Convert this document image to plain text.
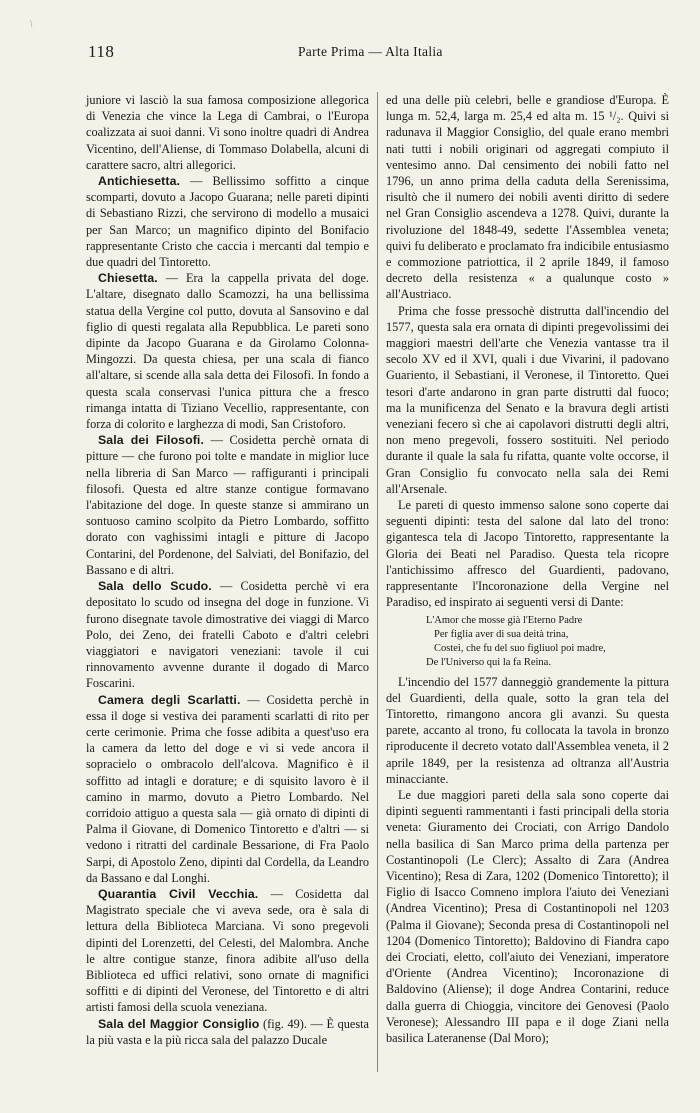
/
118	Parte Prima — Alta Italia

juniore vi lasciò la sua famosa composizione allegorica di Venezia che vince la Lega di Cambrai, o l'Europa coalizzata ai suoi danni. Vi sono inoltre quadri di Andrea Vicentino, dell'Aliense, di Tommaso Dolabella, alcuni di carattere sacro, altri allegorici.

Antichiesetta. — Bellissimo soffitto a cinque scomparti, dovuto a Jacopo Guarana; nelle pareti dipinti di Sebastiano Rizzi, che servirono di modello a musaici per San Marco; un magnifico dipinto del Bonifacio rappresentante Cristo che caccia i mercanti dal tempio e due quadri del Tintoretto.

Chiesetta. — Era la cappella privata del doge. L'altare, disegnato dallo Scamozzi, ha una bellissima statua della Vergine col putto, dovuta al Sansovino e dal figlio di questi regalata alla Repubblica. Le pareti sono dipinte da Jacopo Guarana e da Girolamo Colonna-Mingozzi. Da questa chiesa, per una scala di fianco all'altare, si scende alla sala detta dei Filosofi. In fondo a questa scala conservasi l'unica pittura che a fresco rimanga intatta di Tiziano Vecellio, rappresentante, con forza di colorito e larghezza di modi, San Cristoforo.

Sala dei Filosofi. — Cosidetta perchè ornata di pitture — che furono poi tolte e mandate in miglior luce nella libreria di San Marco — raffiguranti i principali filosofi. Questa ed altre stanze contigue formavano l'abitazione del doge. In queste stanze si ammirano un sontuoso camino scolpito da Pietro Lombardo, soffitto dorato con vaghissimi intagli e pitture di Jacopo Contarini, del Pordenone, del Salviati, del Bonifazio, del Bassano e di altri.

Sala dello Scudo. — Cosidetta perchè vi era depositato lo scudo od insegna del doge in funzione. Vi furono disegnate tavole dimostrative dei viaggi di Marco Polo, dei Zeno, dei fratelli Caboto e d'altri celebri viaggiatori e navigatori veneziani: tavole il cui rinnovamento avvenne durante il dogado di Marco Foscarini.

Camera degli Scarlatti. — Cosidetta perchè in essa il doge si vestiva dei paramenti scarlatti di rito per certe cerimonie. Prima che fosse adibita a quest'uso era la camera da letto del doge e vi si vede ancora il sopracielo o ombracolo dell'alcova. Magnifico è il soffitto ad intagli e dorature; e di squisito lavoro è il camino in marmo, dovuto a Pietro Lombardo. Nel corridoio attiguo a questa sala — già ornato di dipinti di Palma il Giovane, di Domenico Tintoretto e d'altri — si vedono i ritratti del cardinale Bessarione, di Fra Paolo Sarpi, di Apostolo Zeno, dipinti dal Cordella, da Leandro da Bassano e dal Longhi.

Quarantia Civil Vecchia. — Cosidetta dal Magistrato speciale che vi aveva sede, ora è sala di lettura della Biblioteca Marciana. Vi sono pregevoli dipinti del Lorenzetti, del Celesti, del Malombra. Anche le altre contigue stanze, finora adibite all'uso della Biblioteca ed uffici relativi, sono ornate di magnifici soffitti e di dipinti del Veronese, del Tintoretto e di altri artisti famosi della scuola veneziana.

Sala del Maggior Consiglio (fig. 49). — È questa la più vasta e la più ricca sala del palazzo Ducale

ed una delle più celebri, belle e grandiose d'Europa. È lunga m. 52,4, larga m. 25,4 ed alta m. 15 ¹/₂. Quivi si radunava il Maggior Consiglio, del quale erano membri nati tutti i nobili originari od aggregati compiuto il ventesimo anno. Dal censimento dei nobili fatto nel 1796, un anno prima della caduta della Serenissima, risultò che il numero dei nobili aventi diritto di sedere nel Gran Consiglio ascendeva a 1278. Quivi, durante la rivoluzione del 1848-49, sedette l'Assemblea veneta; quivi fu deliberato e proclamato fra indicibile entusiasmo e commozione patriottica, il 2 aprile 1849, il famoso decreto della resistenza « a qualunque costo » all'Austriaco.

Prima che fosse pressochè distrutta dall'incendio del 1577, questa sala era ornata di dipinti pregevolissimi dei maggiori maestri dell'arte che Venezia vantasse tra il secolo XV ed il XVI, quali i due Vivarini, il padovano Guariento, il Sebastiani, il Veronese, il Tintoretto. Quei tesori d'arte andarono in gran parte distrutti dal fuoco; ma la munificenza del Senato e la bravura degli artisti veneziani fecero sì che ai capolavori distrutti degli altri, non meno pregevoli, fossero sostituiti. Nel periodo durante il quale la sala fu rifatta, quante volte occorse, il Gran Consiglio fu convocato nella sala dei Remi all'Arsenale.

Le pareti di questo immenso salone sono coperte dai seguenti dipinti: testa del salone dal lato del trono: gigantesca tela di Jacopo Tintoretto, rappresentante la Gloria dei Beati nel Paradiso. Questa tela ricopre l'antichissimo affresco del Guardienti, padovano, rappresentante l'Incoronazione della Vergine nel Paradiso, ed inspirato ai seguenti versi di Dante:

L'Amor che mosse già l'Eterno Padre
Per figlia aver di sua deità trina,
Costei, che fu del suo figliuol poi madre,
De l'Universo qui la fa Reina.

L'incendio del 1577 danneggiò grandemente la pittura del Guardienti, della quale, sotto la gran tela del Tintoretto, rimangono ancora gli avanzi. Su questa parete, accanto al trono, fu collocata la tavola in bronzo riproducente il decreto votato dall'Assemblea veneta, il 2 aprile 1849, per la resistenza ad oltranza all'Austria minacciante.

Le due maggiori pareti della sala sono coperte dai dipinti seguenti rammentanti i fasti principali della storia veneta: Giuramento dei Crociati, con Arrigo Dandolo nella basilica di San Marco prima della partenza per Costantinopoli (Le Clerc); Assalto di Zara (Andrea Vicentino); Resa di Zara, 1202 (Domenico Tintoretto); il Figlio di Isacco Comneno implora l'aiuto dei Veneziani (Andrea Vicentino); Presa di Costantinopoli nel 1203 (Palma il Giovane); Seconda presa di Costantinopoli nel 1204 (Domenico Tintoretto); Baldovino di Fiandra capo dei Crociati, eletto, coll'aiuto dei Veneziani, imperatore d'Oriente (Andrea Vicentino); Incoronazione di Baldovino (Aliense); il doge Andrea Contarini, reduce dalla guerra di Chioggia, vincitore dei Genovesi (Paolo Veronese); Alessandro III papa e il doge Ziani nella basilica Lateranense (Dal Moro);
